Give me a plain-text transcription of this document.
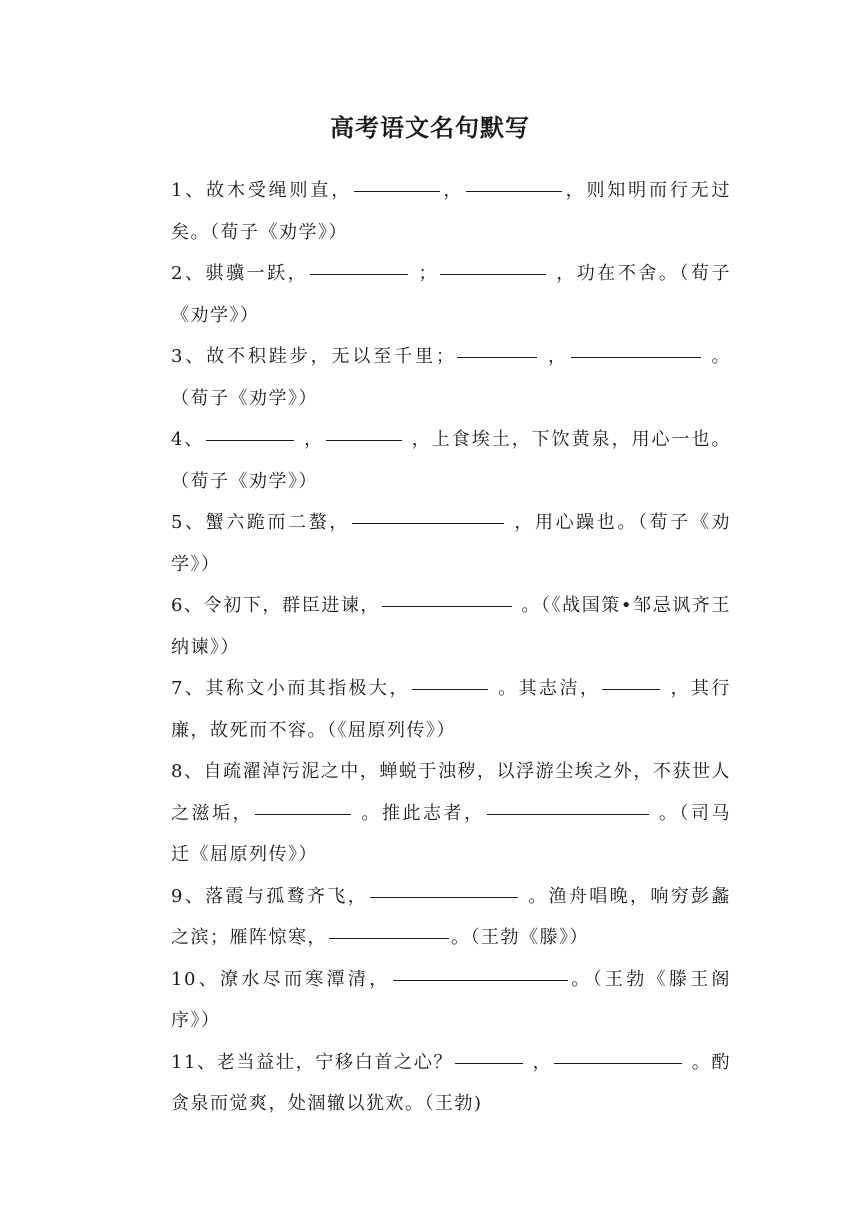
高考语文名句默写

1、故木受绳则直，	，	，则知明而行无过矣。（荀子《劝学》）

2、骐骥一跃，	；	，功在不舍。（荀子《劝学》）

3、故不积跬步，无以至千里；	，	。（荀子《劝学》）

4、	，	，上食埃土，下饮黄泉，用心一也。（荀子《劝学》）

5、蟹六跪而二螯，	，用心躁也。（荀子《劝学》）

6、令初下，群臣进谏，	。（《战国策•邹忌讽齐王纳谏》）

7、其称文小而其指极大，	。其志洁，	，其行廉，故死而不容。（《屈原列传》）

8、自疏濯淖污泥之中，蝉蜕于浊秽，以浮游尘埃之外，不获世人之滋垢，	。推此志者，	。（司马迁《屈原列传》）

9、落霞与孤鹜齐飞，	。渔舟唱晚，响穷彭蠡之滨；雁阵惊寒，	。（王勃《滕》）

10、潦水尽而寒潭清，	。（王勃《滕王阁序》）

11、老当益壮，宁移白首之心？	，	。酌贪泉而觉爽，处涸辙以犹欢。（王勃)
